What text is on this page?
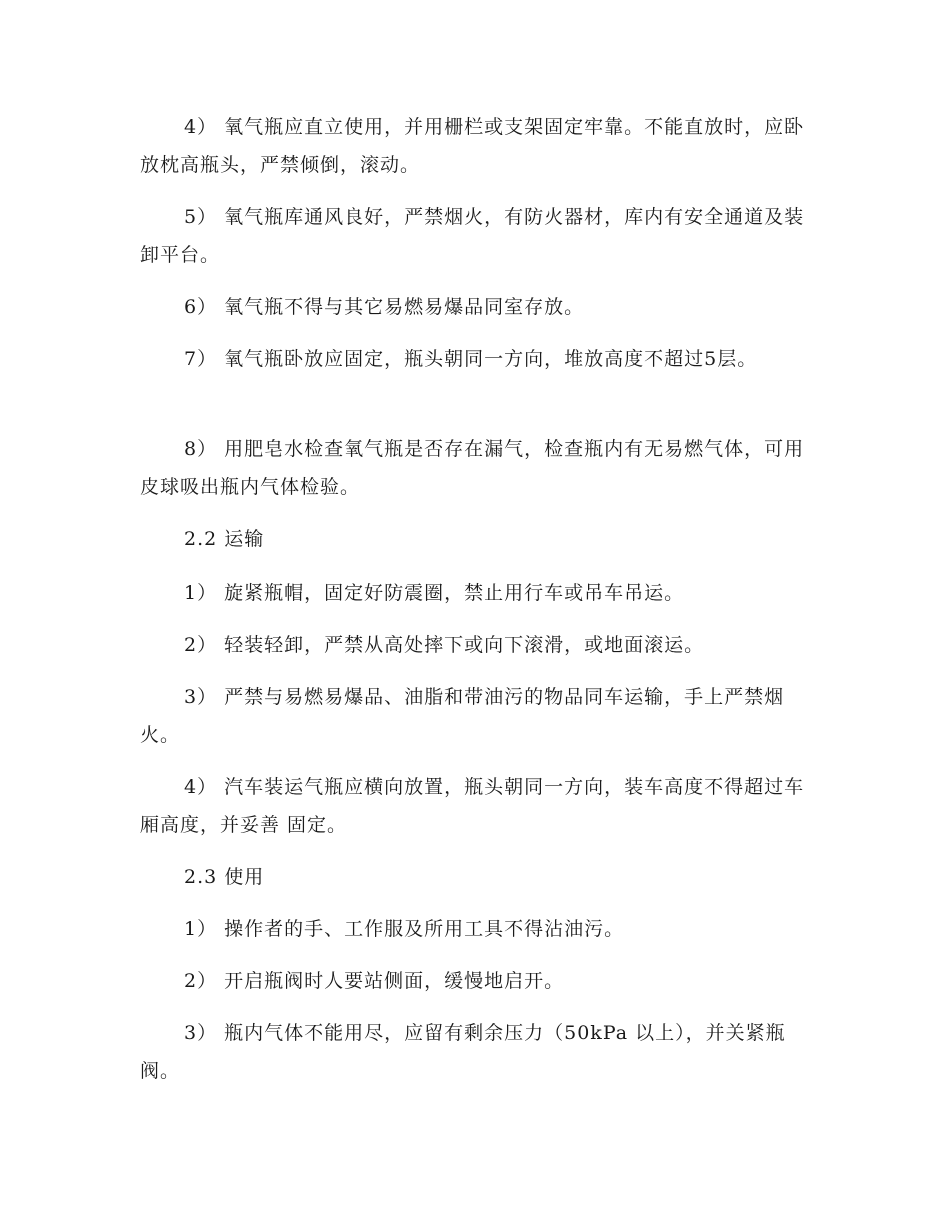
4） 氧气瓶应直立使用，并用栅栏或支架固定牢靠。不能直放时，应卧放枕高瓶头，严禁倾倒，滚动。

5） 氧气瓶库通风良好，严禁烟火，有防火器材，库内有安全通道及装卸平台。

6） 氧气瓶不得与其它易燃易爆品同室存放。

7） 氧气瓶卧放应固定，瓶头朝同一方向，堆放高度不超过5层。

8） 用肥皂水检查氧气瓶是否存在漏气，检查瓶内有无易燃气体，可用皮球吸出瓶内气体检验。

2.2 运输

1） 旋紧瓶帽，固定好防震圈，禁止用行车或吊车吊运。

2） 轻装轻卸，严禁从高处摔下或向下滚滑，或地面滚运。

3） 严禁与易燃易爆品、油脂和带油污的物品同车运输，手上严禁烟火。

4） 汽车装运气瓶应横向放置，瓶头朝同一方向，装车高度不得超过车厢高度，并妥善 固定。

2.3 使用

1） 操作者的手、工作服及所用工具不得沾油污。

2） 开启瓶阀时人要站侧面，缓慢地启开。

3） 瓶内气体不能用尽，应留有剩余压力（50kPa 以上），并关紧瓶阀。
